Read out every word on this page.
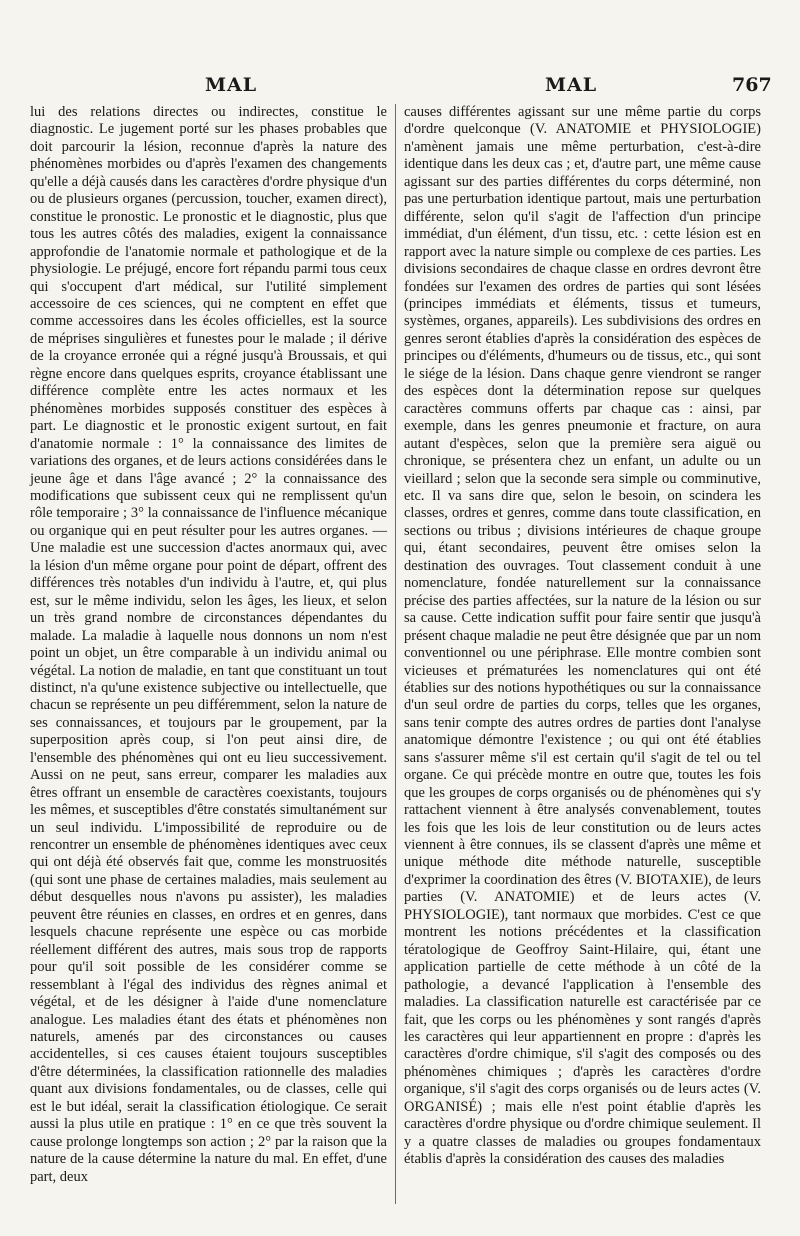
MAL	MAL	767

lui des relations directes ou indirectes, constitue le diagnostic. Le jugement porté sur les phases probables que doit parcourir la lésion, reconnue d'après la nature des phénomènes morbides ou d'après l'examen des changements qu'elle a déjà causés dans les caractères d'ordre physique d'un ou de plusieurs organes (percussion, toucher, examen direct), constitue le pronostic. Le pronostic et le diagnostic, plus que tous les autres côtés des maladies, exigent la connaissance approfondie de l'anatomie normale et pathologique et de la physiologie. Le préjugé, encore fort répandu parmi tous ceux qui s'occupent d'art médical, sur l'utilité simplement accessoire de ces sciences, qui ne comptent en effet que comme accessoires dans les écoles officielles, est la source de méprises singulières et funestes pour le malade ; il dérive de la croyance erronée qui a régné jusqu'à Broussais, et qui règne encore dans quelques esprits, croyance établissant une différence complète entre les actes normaux et les phénomènes morbides supposés constituer des espèces à part. Le diagnostic et le pronostic exigent surtout, en fait d'anatomie normale : 1° la connaissance des limites de variations des organes, et de leurs actions considérées dans le jeune âge et dans l'âge avancé ; 2° la connaissance des modifications que subissent ceux qui ne remplissent qu'un rôle temporaire ; 3° la connaissance de l'influence mécanique ou organique qui en peut résulter pour les autres organes. — Une maladie est une succession d'actes anormaux qui, avec la lésion d'un même organe pour point de départ, offrent des différences très notables d'un individu à l'autre, et, qui plus est, sur le même individu, selon les âges, les lieux, et selon un très grand nombre de circonstances dépendantes du malade. La maladie à laquelle nous donnons un nom n'est point un objet, un être comparable à un individu animal ou végétal. La notion de maladie, en tant que constituant un tout distinct, n'a qu'une existence subjective ou intellectuelle, que chacun se représente un peu différemment, selon la nature de ses connaissances, et toujours par le groupement, par la superposition après coup, si l'on peut ainsi dire, de l'ensemble des phénomènes qui ont eu lieu successivement. Aussi on ne peut, sans erreur, comparer les maladies aux êtres offrant un ensemble de caractères coexistants, toujours les mêmes, et susceptibles d'être constatés simultanément sur un seul individu. L'impossibilité de reproduire ou de rencontrer un ensemble de phénomènes identiques avec ceux qui ont déjà été observés fait que, comme les monstruosités (qui sont une phase de certaines maladies, mais seulement au début desquelles nous n'avons pu assister), les maladies peuvent être réunies en classes, en ordres et en genres, dans lesquels chacune représente une espèce ou cas morbide réellement différent des autres, mais sous trop de rapports pour qu'il soit possible de les considérer comme se ressemblant à l'égal des individus des règnes animal et végétal, et de les désigner à l'aide d'une nomenclature analogue. Les maladies étant des états et phénomènes non naturels, amenés par des circonstances ou causes accidentelles, si ces causes étaient toujours susceptibles d'être déterminées, la classification rationnelle des maladies quant aux divisions fondamentales, ou de classes, celle qui est le but idéal, serait la classification étiologique. Ce serait aussi la plus utile en pratique : 1° en ce que très souvent la cause prolonge longtemps son action ; 2° par la raison que la nature de la cause détermine la nature du mal. En effet, d'une part, deux

causes différentes agissant sur une même partie du corps d'ordre quelconque (V. ANATOMIE et PHYSIOLOGIE) n'amènent jamais une même perturbation, c'est-à-dire identique dans les deux cas ; et, d'autre part, une même cause agissant sur des parties différentes du corps déterminé, non pas une perturbation identique partout, mais une perturbation différente, selon qu'il s'agit de l'affection d'un principe immédiat, d'un élément, d'un tissu, etc. : cette lésion est en rapport avec la nature simple ou complexe de ces parties. Les divisions secondaires de chaque classe en ordres devront être fondées sur l'examen des ordres de parties qui sont lésées (principes immédiats et éléments, tissus et tumeurs, systèmes, organes, appareils). Les subdivisions des ordres en genres seront établies d'après la considération des espèces de principes ou d'éléments, d'humeurs ou de tissus, etc., qui sont le siége de la lésion. Dans chaque genre viendront se ranger des espèces dont la détermination repose sur quelques caractères communs offerts par chaque cas : ainsi, par exemple, dans les genres pneumonie et fracture, on aura autant d'espèces, selon que la première sera aiguë ou chronique, se présentera chez un enfant, un adulte ou un vieillard ; selon que la seconde sera simple ou comminutive, etc. Il va sans dire que, selon le besoin, on scindera les classes, ordres et genres, comme dans toute classification, en sections ou tribus ; divisions intérieures de chaque groupe qui, étant secondaires, peuvent être omises selon la destination des ouvrages. Tout classement conduit à une nomenclature, fondée naturellement sur la connaissance précise des parties affectées, sur la nature de la lésion ou sur sa cause. Cette indication suffit pour faire sentir que jusqu'à présent chaque maladie ne peut être désignée que par un nom conventionnel ou une périphrase. Elle montre combien sont vicieuses et prématurées les nomenclatures qui ont été établies sur des notions hypothétiques ou sur la connaissance d'un seul ordre de parties du corps, telles que les organes, sans tenir compte des autres ordres de parties dont l'analyse anatomique démontre l'existence ; ou qui ont été établies sans s'assurer même s'il est certain qu'il s'agit de tel ou tel organe. Ce qui précède montre en outre que, toutes les fois que les groupes de corps organisés ou de phénomènes qui s'y rattachent viennent à être analysés convenablement, toutes les fois que les lois de leur constitution ou de leurs actes viennent à être connues, ils se classent d'après une même et unique méthode dite méthode naturelle, susceptible d'exprimer la coordination des êtres (V. BIOTAXIE), de leurs parties (V. ANATOMIE) et de leurs actes (V. PHYSIOLOGIE), tant normaux que morbides. C'est ce que montrent les notions précédentes et la classification tératologique de Geoffroy Saint-Hilaire, qui, étant une application partielle de cette méthode à un côté de la pathologie, a devancé l'application à l'ensemble des maladies. La classification naturelle est caractérisée par ce fait, que les corps ou les phénomènes y sont rangés d'après les caractères qui leur appartiennent en propre : d'après les caractères d'ordre chimique, s'il s'agit des composés ou des phénomènes chimiques ; d'après les caractères d'ordre organique, s'il s'agit des corps organisés ou de leurs actes (V. ORGANISÉ) ; mais elle n'est point établie d'après les caractères d'ordre physique ou d'ordre chimique seulement. Il y a quatre classes de maladies ou groupes fondamentaux établis d'après la considération des causes des maladies
